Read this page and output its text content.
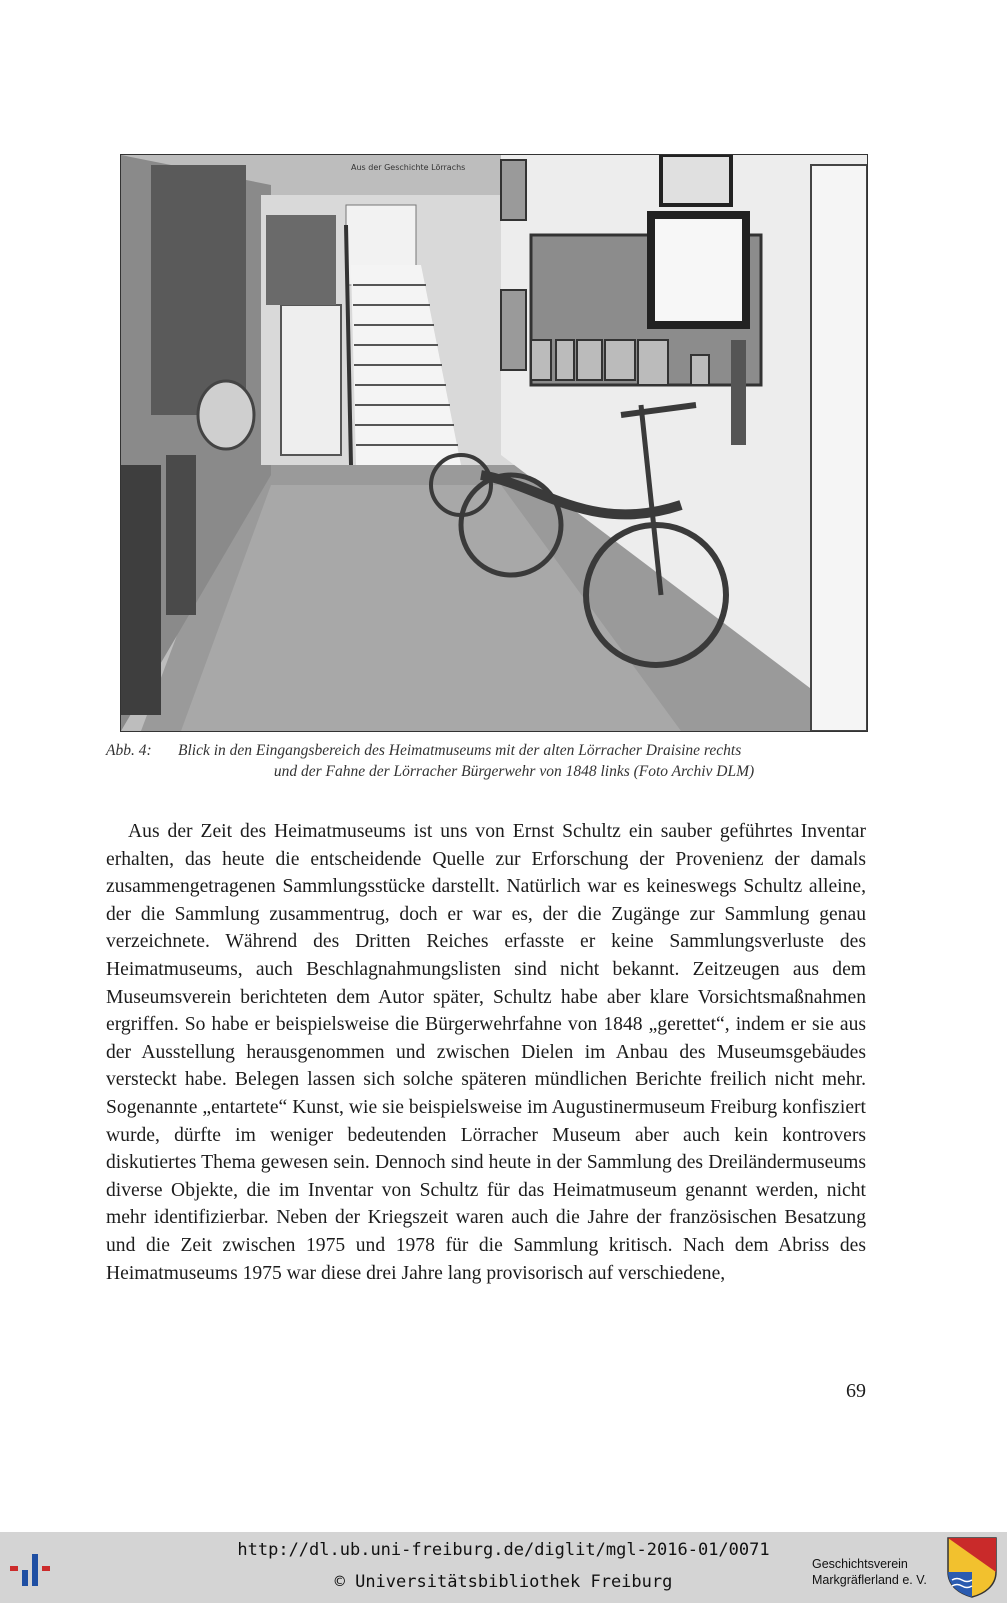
Aus der Geschichte Lörrachs
Abb. 4:	Blick in den Eingangsbereich des Heimatmuseums mit der alten Lörracher Draisine rechts
und der Fahne der Lörracher Bürgerwehr von 1848 links (Foto Archiv DLM)

Aus der Zeit des Heimatmuseums ist uns von Ernst Schultz ein sauber geführtes Inventar erhalten, das heute die entscheidende Quelle zur Erforschung der Provenienz der damals zusammengetragenen Sammlungsstücke darstellt. Natürlich war es keineswegs Schultz alleine, der die Sammlung zusammentrug, doch er war es, der die Zugänge zur Sammlung genau verzeichnete. Während des Dritten Reiches erfasste er keine Sammlungsverluste des Heimatmuseums, auch Beschlagnahmungslisten sind nicht bekannt. Zeitzeugen aus dem Museumsverein berichteten dem Autor später, Schultz habe aber klare Vorsichtsmaßnahmen ergriffen. So habe er beispielsweise die Bürgerwehrfahne von 1848 „gerettet“, indem er sie aus der Ausstellung herausgenommen und zwischen Dielen im Anbau des Museumsgebäudes versteckt habe. Belegen lassen sich solche späteren mündlichen Berichte freilich nicht mehr. Sogenannte „entartete“ Kunst, wie sie beispielsweise im Augustinermuseum Freiburg konfisziert wurde, dürfte im weniger bedeutenden Lörracher Museum aber auch kein kontrovers diskutiertes Thema gewesen sein. Dennoch sind heute in der Sammlung des Dreiländermuseums diverse Objekte, die im Inventar von Schultz für das Heimatmuseum genannt werden, nicht mehr identifizierbar. Neben der Kriegszeit waren auch die Jahre der französischen Besatzung und die Zeit zwischen 1975 und 1978 für die Sammlung kritisch. Nach dem Abriss des Heimatmuseums 1975 war diese drei Jahre lang provisorisch auf verschiedene,

69
http://dl.ub.uni-freiburg.de/diglit/mgl-2016-01/0071
© Universitätsbibliothek Freiburg
Geschichtsverein
Markgräflerland e. V.
